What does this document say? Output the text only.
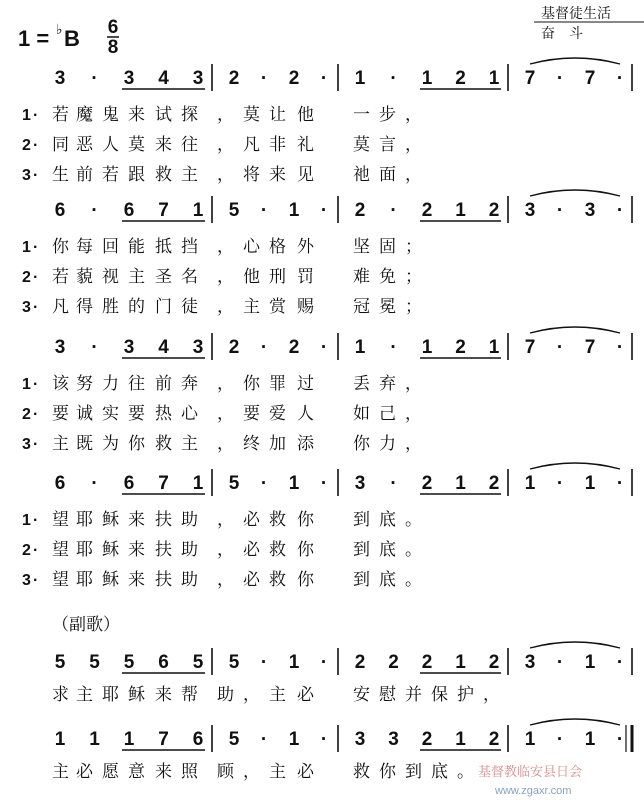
1 = ♭ B 6
8
基督徒生活
奋　斗
3 · 3 4 3 2 · 2 · 1 · 1 2 1 7 · 7 ·
1 · 若 魔 鬼 来 试 探 ， 莫 让 他 一 步 ，
2 · 同 恶 人 莫 来 往 ， 凡 非 礼 莫 言 ，
3 · 生 前 若 跟 救 主 ， 将 来 见 祂 面 ，
6 · 6 7 1 5 · 1 · 2 · 2 1 2 3 · 3 ·
1 · 你 每 回 能 抵 挡 ， 心 格 外 坚 固 ；
2 · 若 藐 视 主 圣 名 ， 他 刑 罚 难 免 ；
3 · 凡 得 胜 的 门 徒 ， 主 赏 赐 冠 冕 ；
3 · 3 4 3 2 · 2 · 1 · 1 2 1 7 · 7 ·
1 · 该 努 力 往 前 奔 ， 你 罪 过 丢 弃 ，
2 · 要 诚 实 要 热 心 ， 要 爱 人 如 己 ，
3 · 主 既 为 你 救 主 ， 终 加 添 你 力 ，
6 · 6 7 1 5 · 1 · 3 · 2 1 2 1 · 1 ·
1 · 望 耶 稣 来 扶 助 ， 必 救 你 到 底 。
2 · 望 耶 稣 来 扶 助 ， 必 救 你 到 底 。
3 · 望 耶 稣 来 扶 助 ， 必 救 你 到 底 。
5 5 5 6 5 5 · 1 · 2 2 2 1 2 3 · 1 ·
求 主 耶 稣 来 帮 助 ， 主 必 安 慰 并 保 护 ，
1 1 1 7 6 5 · 1 · 3 3 2 1 2 1 · 1 ·
主 必 愿 意 来 照 顾 ， 主 必 救 你 到 底 。
（副歌）
基督教临安县日会
www.zgaxr.com
